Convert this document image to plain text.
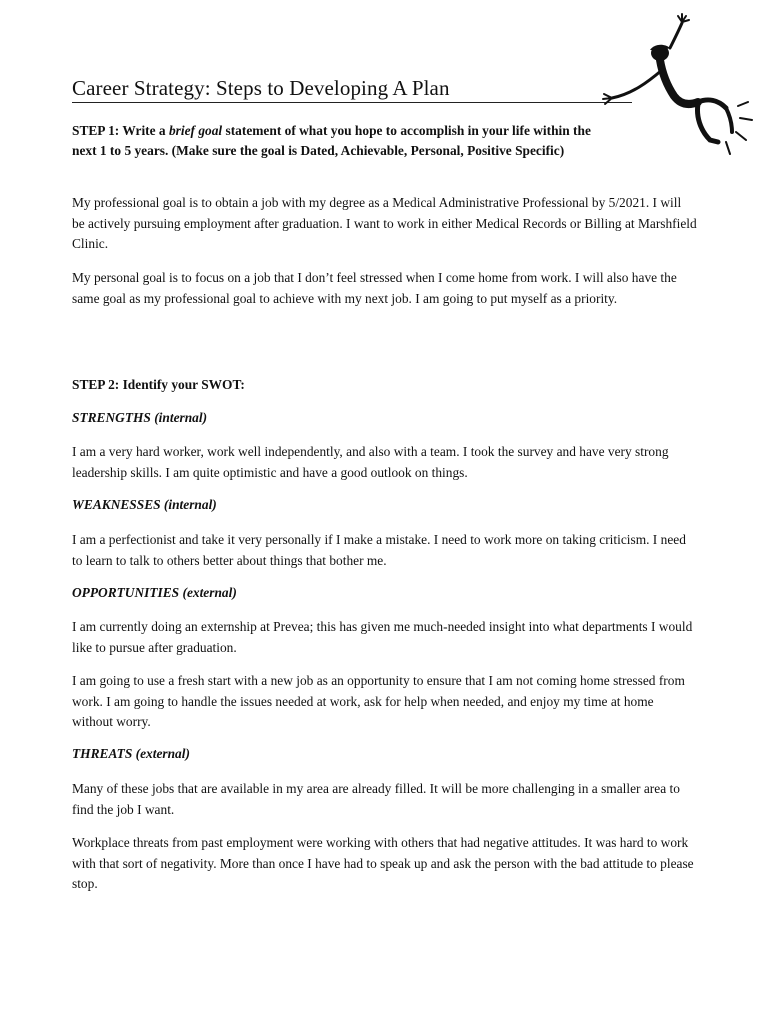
Career Strategy: Steps to Developing A Plan

STEP 1: Write a brief goal statement of what you hope to accomplish in your life within the next 1 to 5 years. (Make sure the goal is Dated, Achievable, Personal, Positive Specific)

My professional goal is to obtain a job with my degree as a Medical Administrative Professional by 5/2021. I will be actively pursuing employment after graduation. I want to work in either Medical Records or Billing at Marshfield Clinic.

My personal goal is to focus on a job that I don’t feel stressed when I come home from work. I will also have the same goal as my professional goal to achieve with my next job. I am going to put myself as a priority.

STEP 2: Identify your SWOT:

STRENGTHS (internal)

I am a very hard worker, work well independently, and also with a team. I took the survey and have very strong leadership skills. I am quite optimistic and have a good outlook on things.

WEAKNESSES (internal)

I am a perfectionist and take it very personally if I make a mistake. I need to work more on taking criticism. I need to learn to talk to others better about things that bother me.

OPPORTUNITIES (external)

I am currently doing an externship at Prevea; this has given me much-needed insight into what departments I would like to pursue after graduation.

I am going to use a fresh start with a new job as an opportunity to ensure that I am not coming home stressed from work. I am going to handle the issues needed at work, ask for help when needed, and enjoy my time at home without worry.

THREATS (external)

Many of these jobs that are available in my area are already filled. It will be more challenging in a smaller area to find the job I want.

Workplace threats from past employment were working with others that had negative attitudes. It was hard to work with that sort of negativity. More than once I have had to speak up and ask the person with the bad attitude to please stop.
